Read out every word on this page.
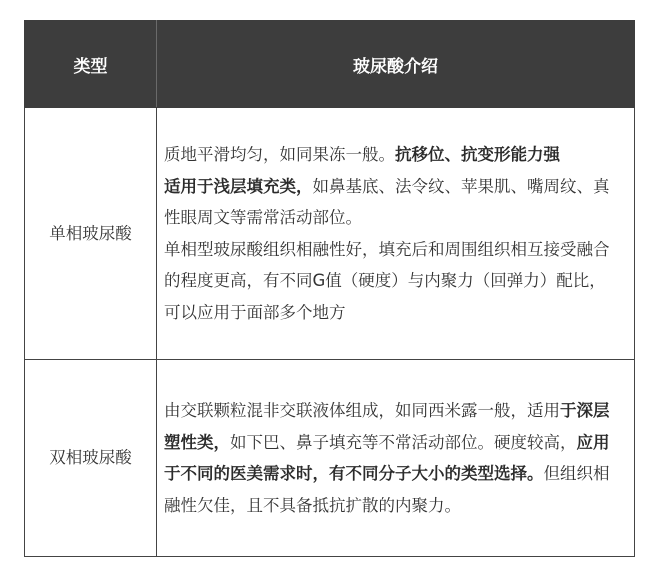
类型	玻尿酸介绍
单相玻尿酸	质地平滑均匀，如同果冻一般。抗移位、抗变形能力强
适用于浅层填充类，如鼻基底、法令纹、苹果肌、嘴周纹、真性眼周文等需常活动部位。
单相型玻尿酸组织相融性好，填充后和周围组织相互接受融合的程度更高，有不同G值（硬度）与内聚力（回弹力）配比，可以应用于面部多个地方

双相玻尿酸	由交联颗粒混非交联液体组成，如同西米露一般，适用于深层塑性类，如下巴、鼻子填充等不常活动部位。硬度较高，应用于不同的医美需求时，有不同分子大小的类型选择。但组织相融性欠佳，且不具备抵抗扩散的内聚力。
